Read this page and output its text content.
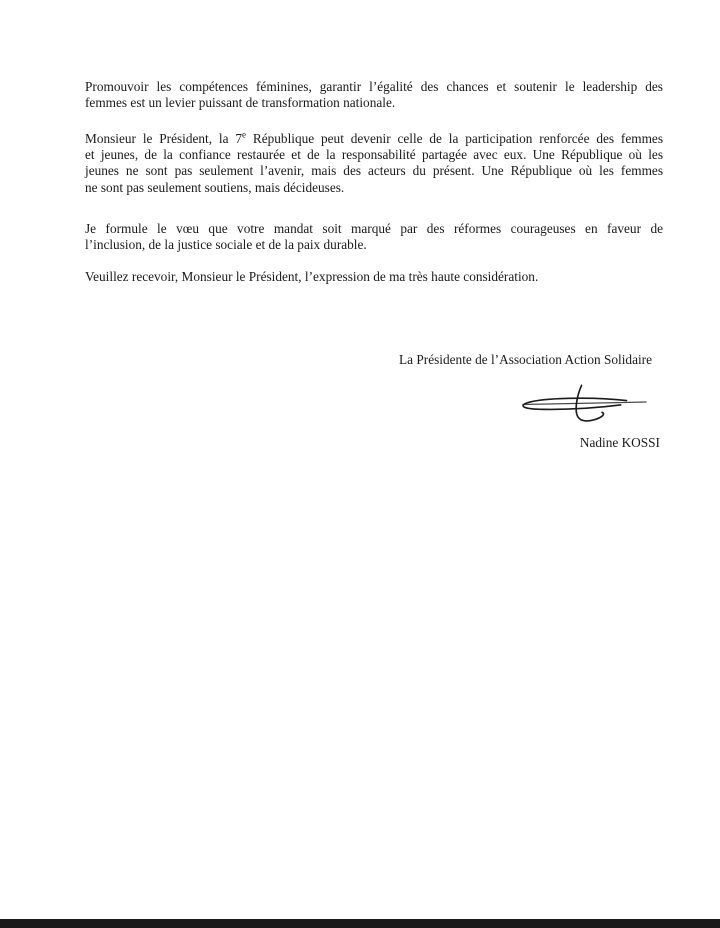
Promouvoir les compétences féminines, garantir l’égalité des chances et soutenir le leadership des
femmes est un levier puissant de transformation nationale.
Monsieur le Président, la 7e République peut devenir celle de la participation renforcée des femmes
et jeunes, de la confiance restaurée et de la responsabilité partagée avec eux. Une République où les
jeunes ne sont pas seulement l’avenir, mais des acteurs du présent. Une République où les femmes
ne sont pas seulement soutiens, mais décideuses.
Je formule le vœu que votre mandat soit marqué par des réformes courageuses en faveur de
l’inclusion, de la justice sociale et de la paix durable.
Veuillez recevoir, Monsieur le Président, l’expression de ma très haute considération.
La Présidente de l’Association Action Solidaire
Nadine KOSSI
